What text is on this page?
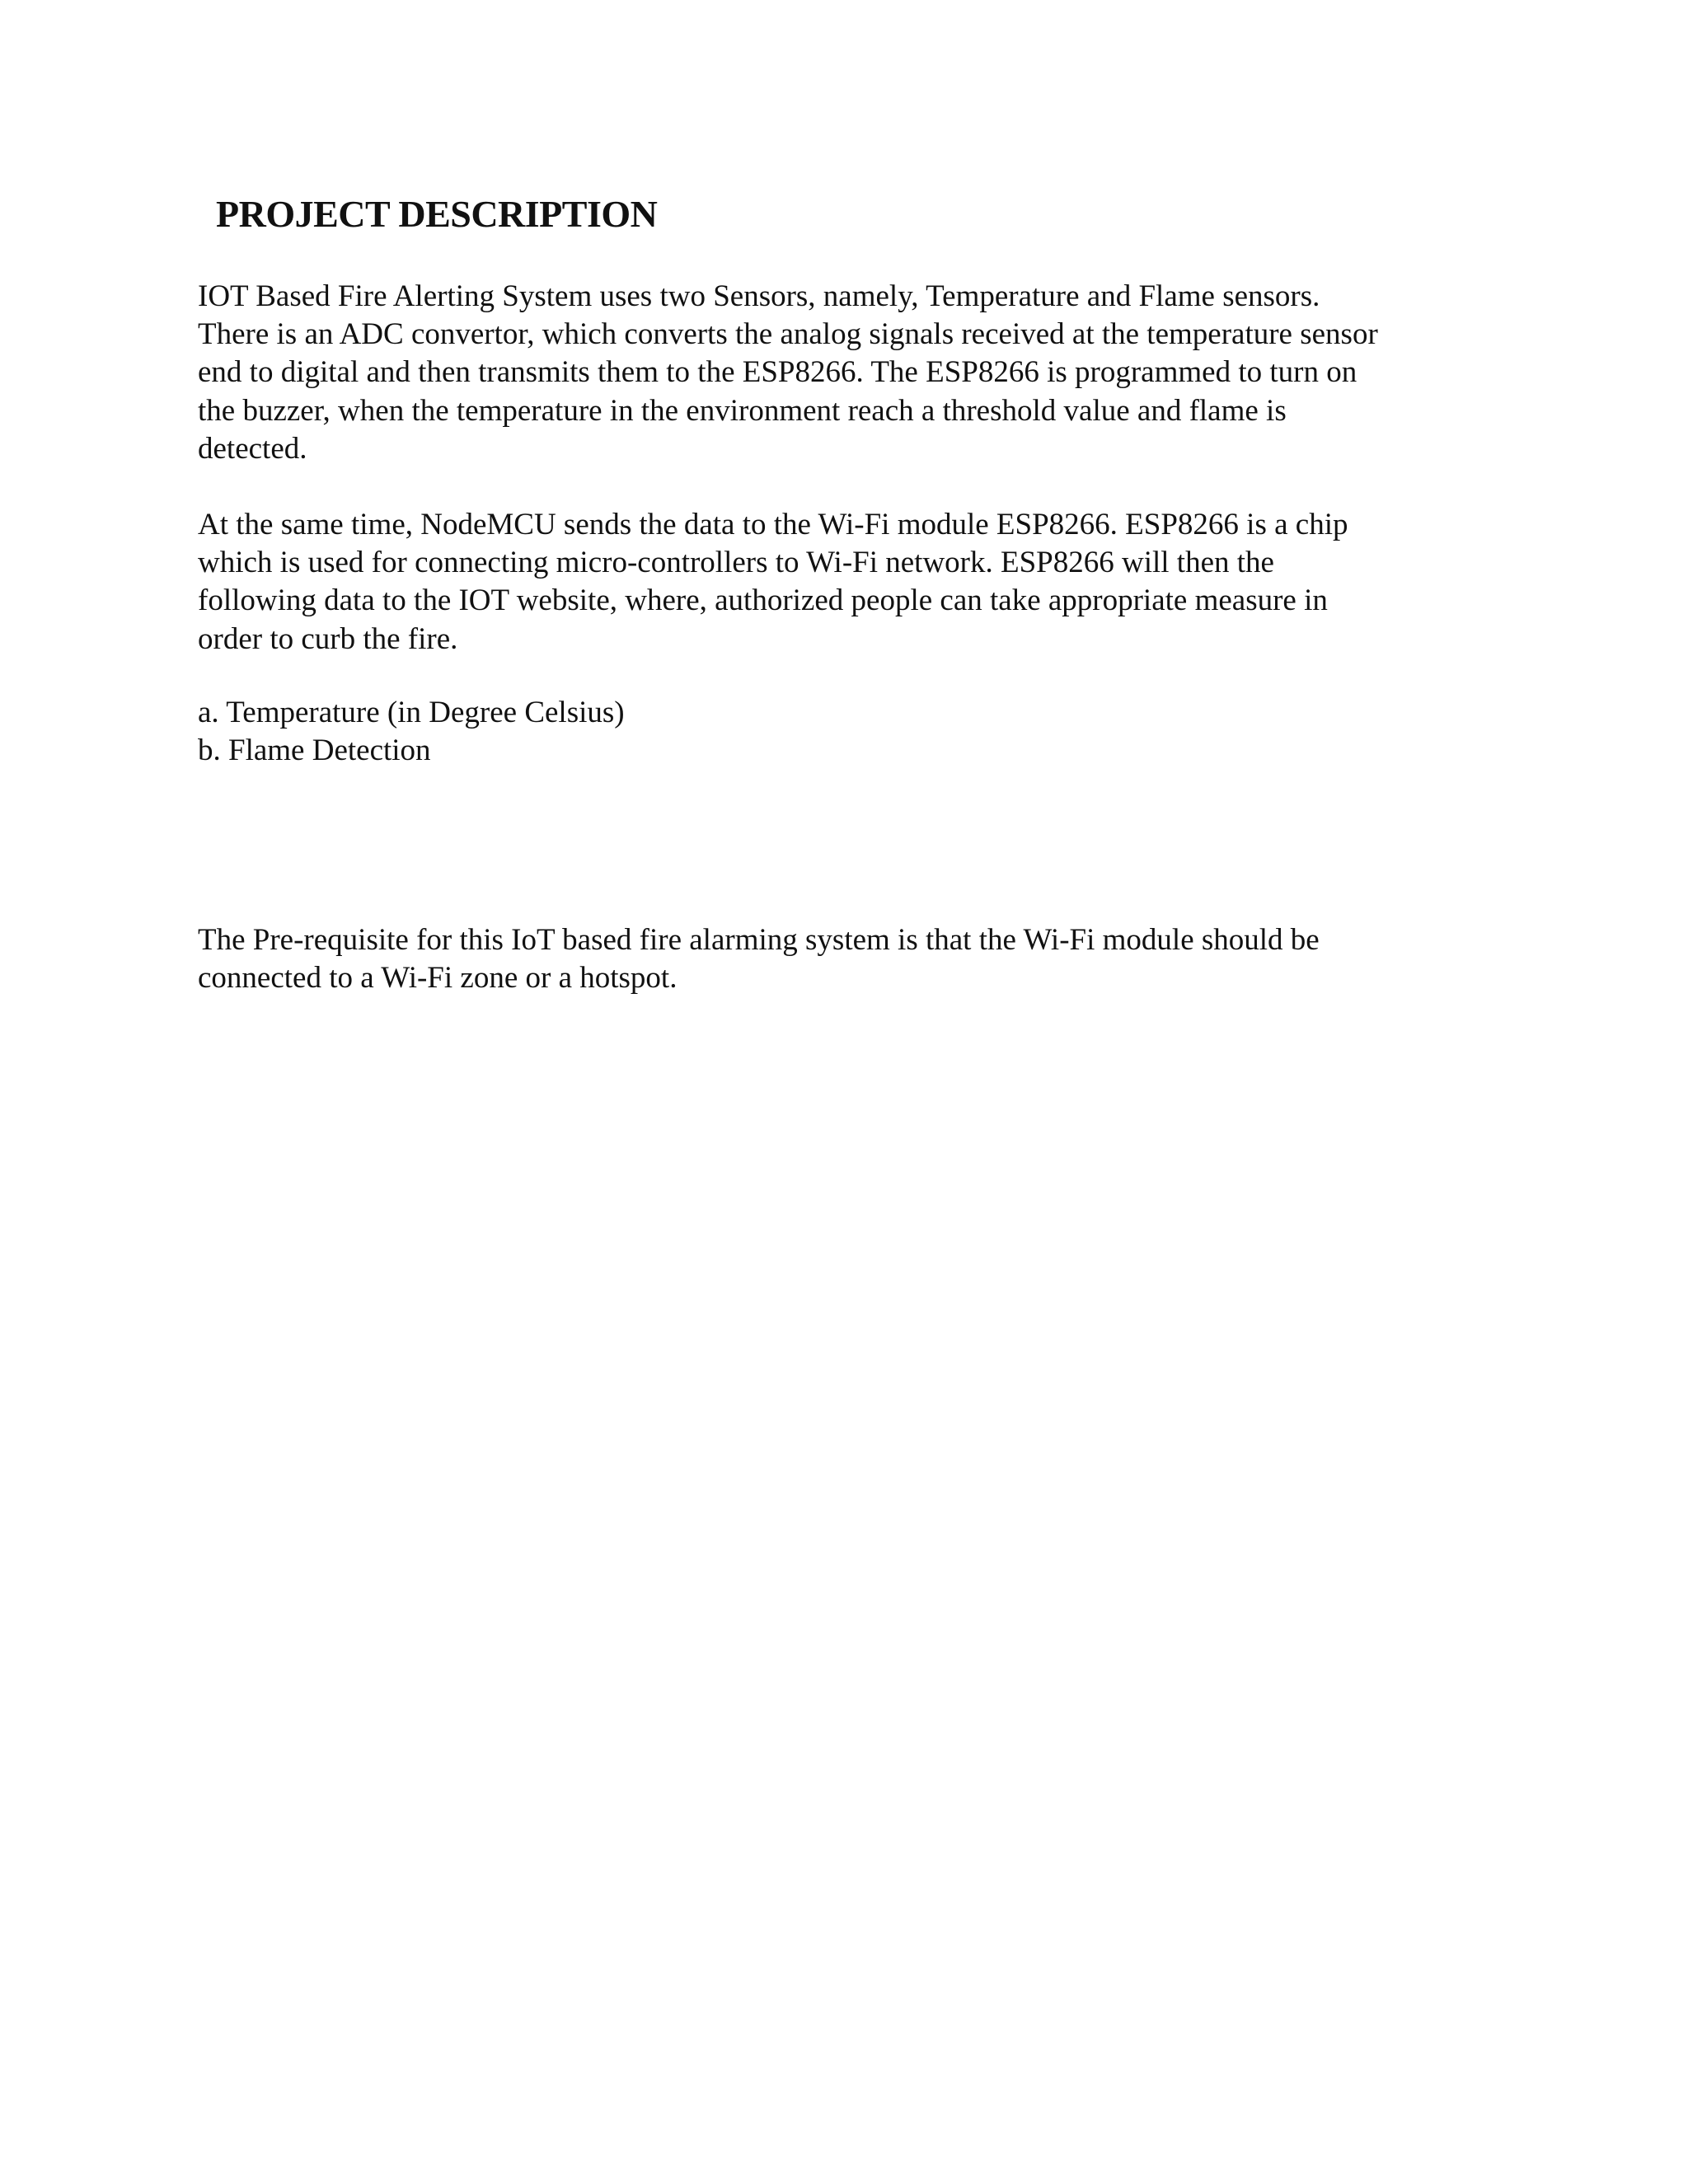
PROJECT DESCRIPTION

IOT Based Fire Alerting System uses two Sensors, namely, Temperature and Flame sensors.
There is an ADC convertor, which converts the analog signals received at the temperature sensor
end to digital and then transmits them to the ESP8266. The ESP8266 is programmed to turn on
the buzzer, when the temperature in the environment reach a threshold value and flame is
detected.

At the same time, NodeMCU sends the data to the Wi-Fi module ESP8266. ESP8266 is a chip
which is used for connecting micro-controllers to Wi-Fi network. ESP8266 will then the
following data to the IOT website, where, authorized people can take appropriate measure in
order to curb the fire.

a. Temperature (in Degree Celsius)
b. Flame Detection

The Pre-requisite for this IoT based fire alarming system is that the Wi-Fi module should be
connected to a Wi-Fi zone or a hotspot.
